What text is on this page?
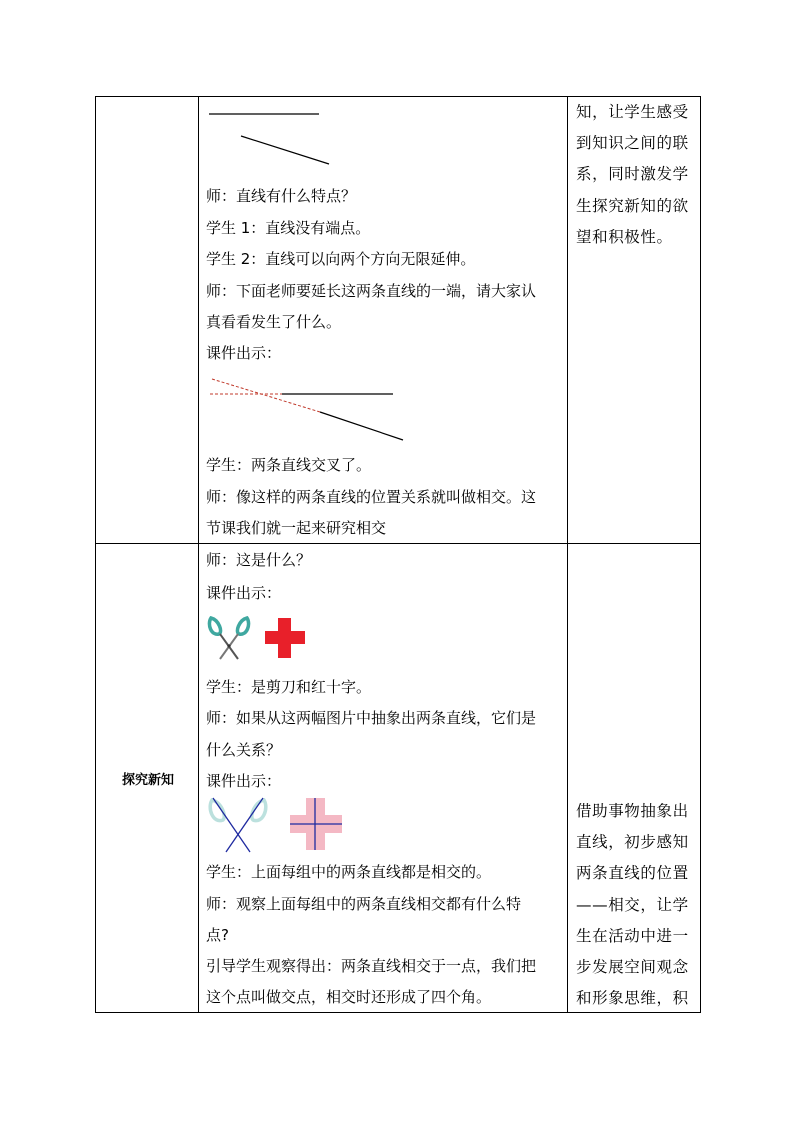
师：直线有什么特点？
学生 1：直线没有端点。
学生 2：直线可以向两个方向无限延伸。
师：下面老师要延长这两条直线的一端，请大家认
真看看发生了什么。
课件出示：
学生：两条直线交叉了。
师：像这样的两条直线的位置关系就叫做相交。这
节课我们就一起来研究相交
知，让学生感受到知识之间的联系，同时激发学生探究新知的欲望和积极性。
探究新知
师：这是什么？
课件出示：
学生：是剪刀和红十字。
师：如果从这两幅图片中抽象出两条直线，它们是
什么关系？
课件出示：
学生：上面每组中的两条直线都是相交的。
师：观察上面每组中的两条直线相交都有什么特
点?
引导学生观察得出：两条直线相交于一点，我们把
这个点叫做交点，相交时还形成了四个角。
借助事物抽象出直线，初步感知两条直线的位置——相交，让学生在活动中进一步发展空间观念和形象思维，积
